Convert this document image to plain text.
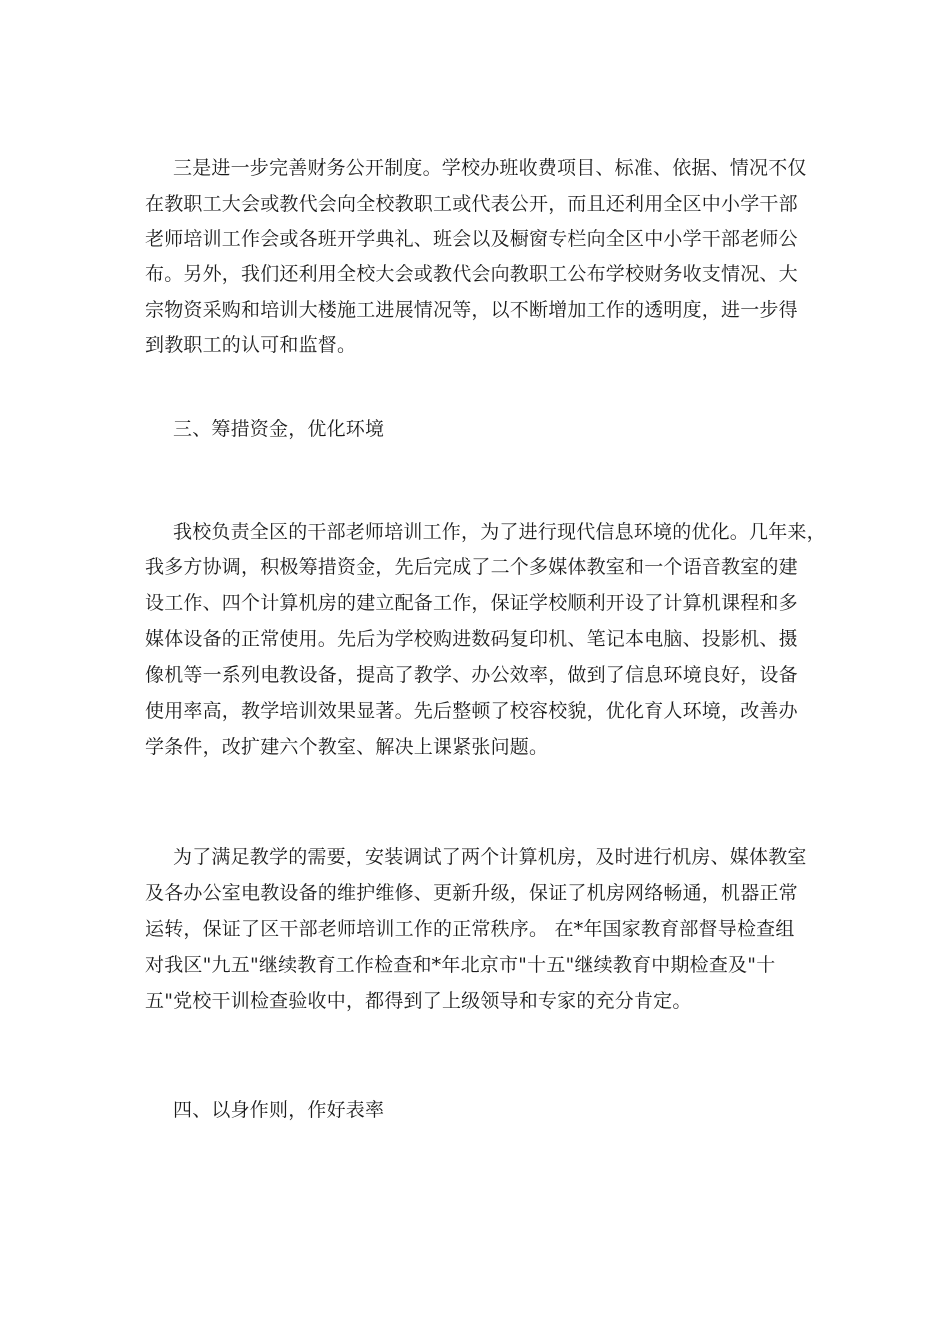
三是进一步完善财务公开制度。学校办班收费项目、标准、依据、情况不仅

在教职工大会或教代会向全校教职工或代表公开，而且还利用全区中小学干部

老师培训工作会或各班开学典礼、班会以及橱窗专栏向全区中小学干部老师公

布。另外，我们还利用全校大会或教代会向教职工公布学校财务收支情况、大

宗物资采购和培训大楼施工进展情况等，以不断增加工作的透明度，进一步得

到教职工的认可和监督。

三、筹措资金，优化环境

我校负责全区的干部老师培训工作，为了进行现代信息环境的优化。几年来，

我多方协调，积极筹措资金，先后完成了二个多媒体教室和一个语音教室的建

设工作、四个计算机房的建立配备工作，保证学校顺利开设了计算机课程和多

媒体设备的正常使用。先后为学校购进数码复印机、笔记本电脑、投影机、摄

像机等一系列电教设备，提高了教学、办公效率，做到了信息环境良好，设备

使用率高，教学培训效果显著。先后整顿了校容校貌，优化育人环境，改善办

学条件，改扩建六个教室、解决上课紧张问题。

为了满足教学的需要，安装调试了两个计算机房，及时进行机房、媒体教室

及各办公室电教设备的维护维修、更新升级，保证了机房网络畅通，机器正常

运转，保证了区干部老师培训工作的正常秩序。 在*年国家教育部督导检查组

对我区"九五"继续教育工作检查和*年北京市"十五"继续教育中期检查及"十

五"党校干训检查验收中，都得到了上级领导和专家的充分肯定。

四、以身作则，作好表率
